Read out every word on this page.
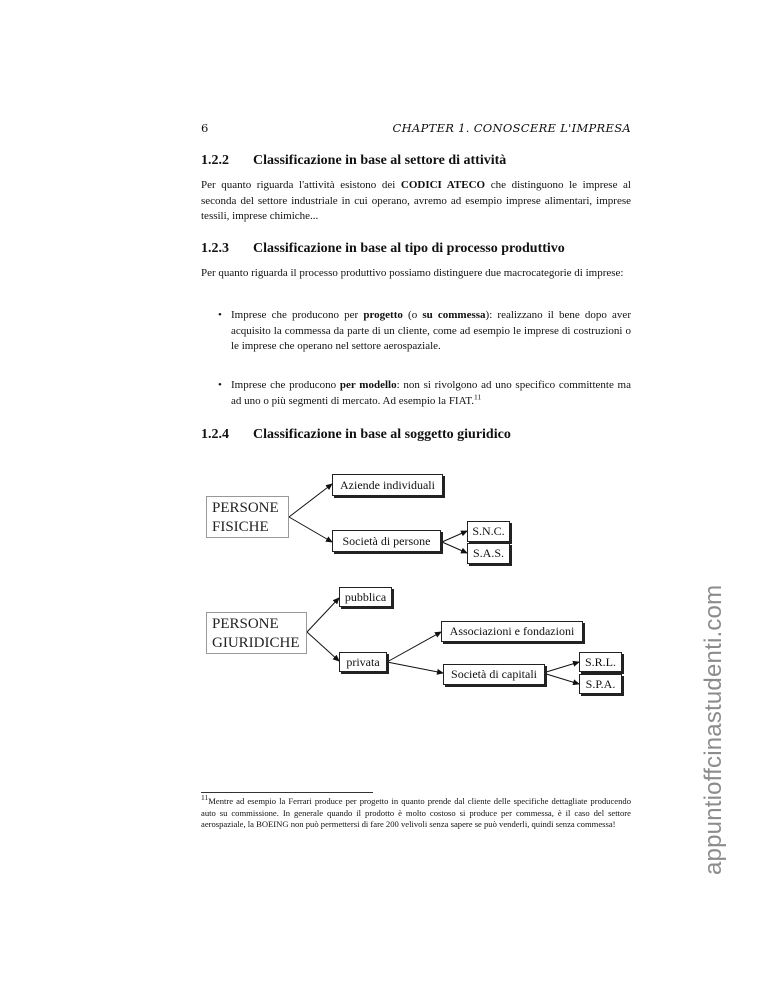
6	CHAPTER 1. CONOSCERE L'IMPRESA
1.2.2 Classificazione in base al settore di attività
Per quanto riguarda l'attività esistono dei CODICI ATECO che distinguono le imprese al seconda del settore industriale in cui operano, avremo ad esempio imprese alimentari, imprese tessili, imprese chimiche...
1.2.3 Classificazione in base al tipo di processo produttivo
Per quanto riguarda il processo produttivo possiamo distinguere due macrocategorie di imprese:
• Imprese che producono per progetto (o su commessa): realizzano il bene dopo aver acquisito la commessa da parte di un cliente, come ad esempio le imprese di costruzioni o le imprese che operano nel settore aerospaziale.
• Imprese che producono per modello: non si rivolgono ad uno specifico committente ma ad uno o più segmenti di mercato. Ad esempio la FIAT.$^{11}$
1.2.4 Classificazione in base al soggetto giuridico
PERSONE
FISICHE
Aziende individuali
Società di persone
S.N.C.
S.A.S.
PERSONE
GIURIDICHE
pubblica
privata
Associazioni e fondazioni
Società di capitali
S.R.L.
S.P.A.
$^{11}$Mentre ad esempio la Ferrari produce per progetto in quanto prende dal cliente delle specifiche dettagliate producendo auto su commissione. In generale quando il prodotto è molto costoso si produce per commessa, è il caso del settore aerospaziale, la BOEING non può permettersi di fare 200 velivoli senza sapere se può venderli, quindi senza commessa!	appuntioffcinastudenti.com
